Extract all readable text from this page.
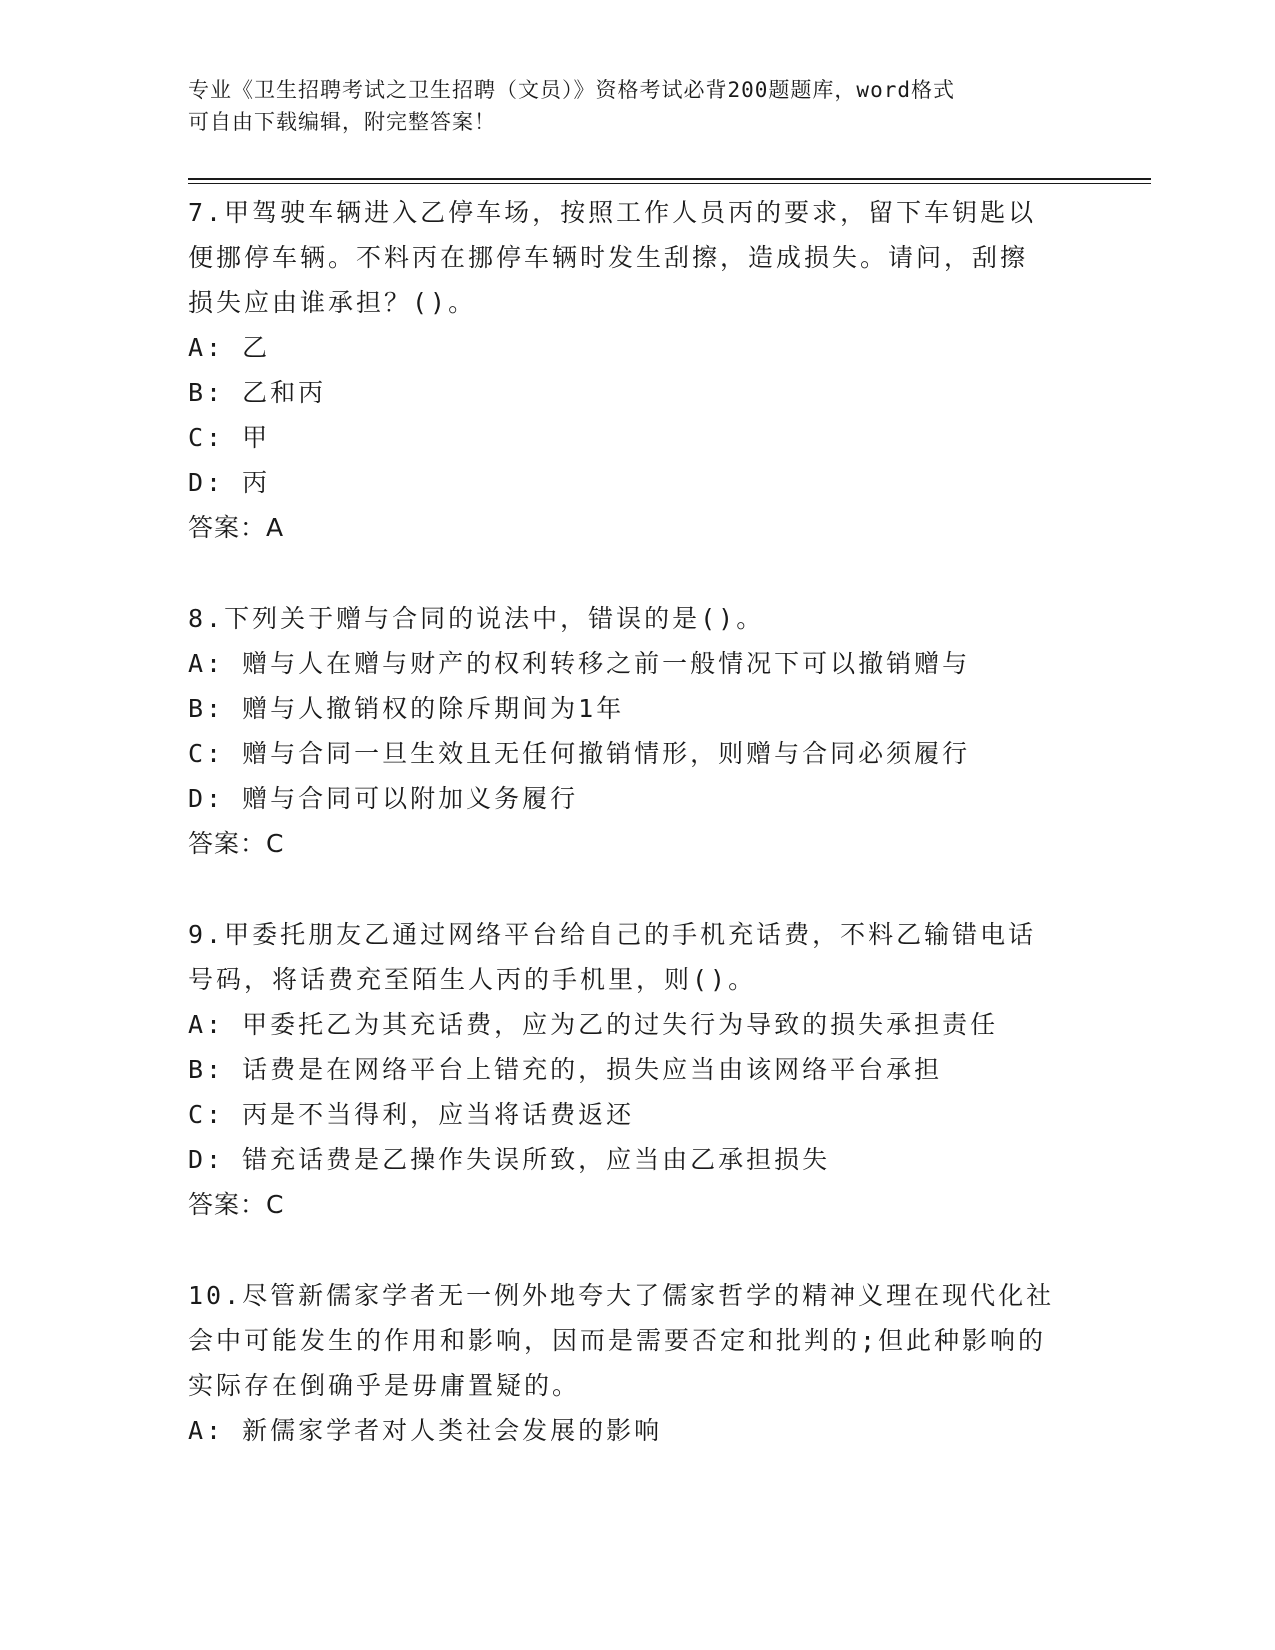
专业《卫生招聘考试之卫生招聘（文员）》资格考试必背200题题库，word格式
可自由下载编辑，附完整答案！
7.甲驾驶车辆进入乙停车场，按照工作人员丙的要求，留下车钥匙以
便挪停车辆。不料丙在挪停车辆时发生刮擦，造成损失。请问，刮擦
损失应由谁承担？()。
A: 乙
B: 乙和丙
C: 甲
D: 丙
答案：A
8.下列关于赠与合同的说法中，错误的是()。
A: 赠与人在赠与财产的权利转移之前一般情况下可以撤销赠与
B: 赠与人撤销权的除斥期间为1年
C: 赠与合同一旦生效且无任何撤销情形，则赠与合同必须履行
D: 赠与合同可以附加义务履行
答案：C
9.甲委托朋友乙通过网络平台给自己的手机充话费，不料乙输错电话
号码，将话费充至陌生人丙的手机里，则()。
A: 甲委托乙为其充话费，应为乙的过失行为导致的损失承担责任
B: 话费是在网络平台上错充的，损失应当由该网络平台承担
C: 丙是不当得利，应当将话费返还
D: 错充话费是乙操作失误所致，应当由乙承担损失
答案：C
10.尽管新儒家学者无一例外地夸大了儒家哲学的精神义理在现代化社
会中可能发生的作用和影响，因而是需要否定和批判的;但此种影响的
实际存在倒确乎是毋庸置疑的。
A: 新儒家学者对人类社会发展的影响
